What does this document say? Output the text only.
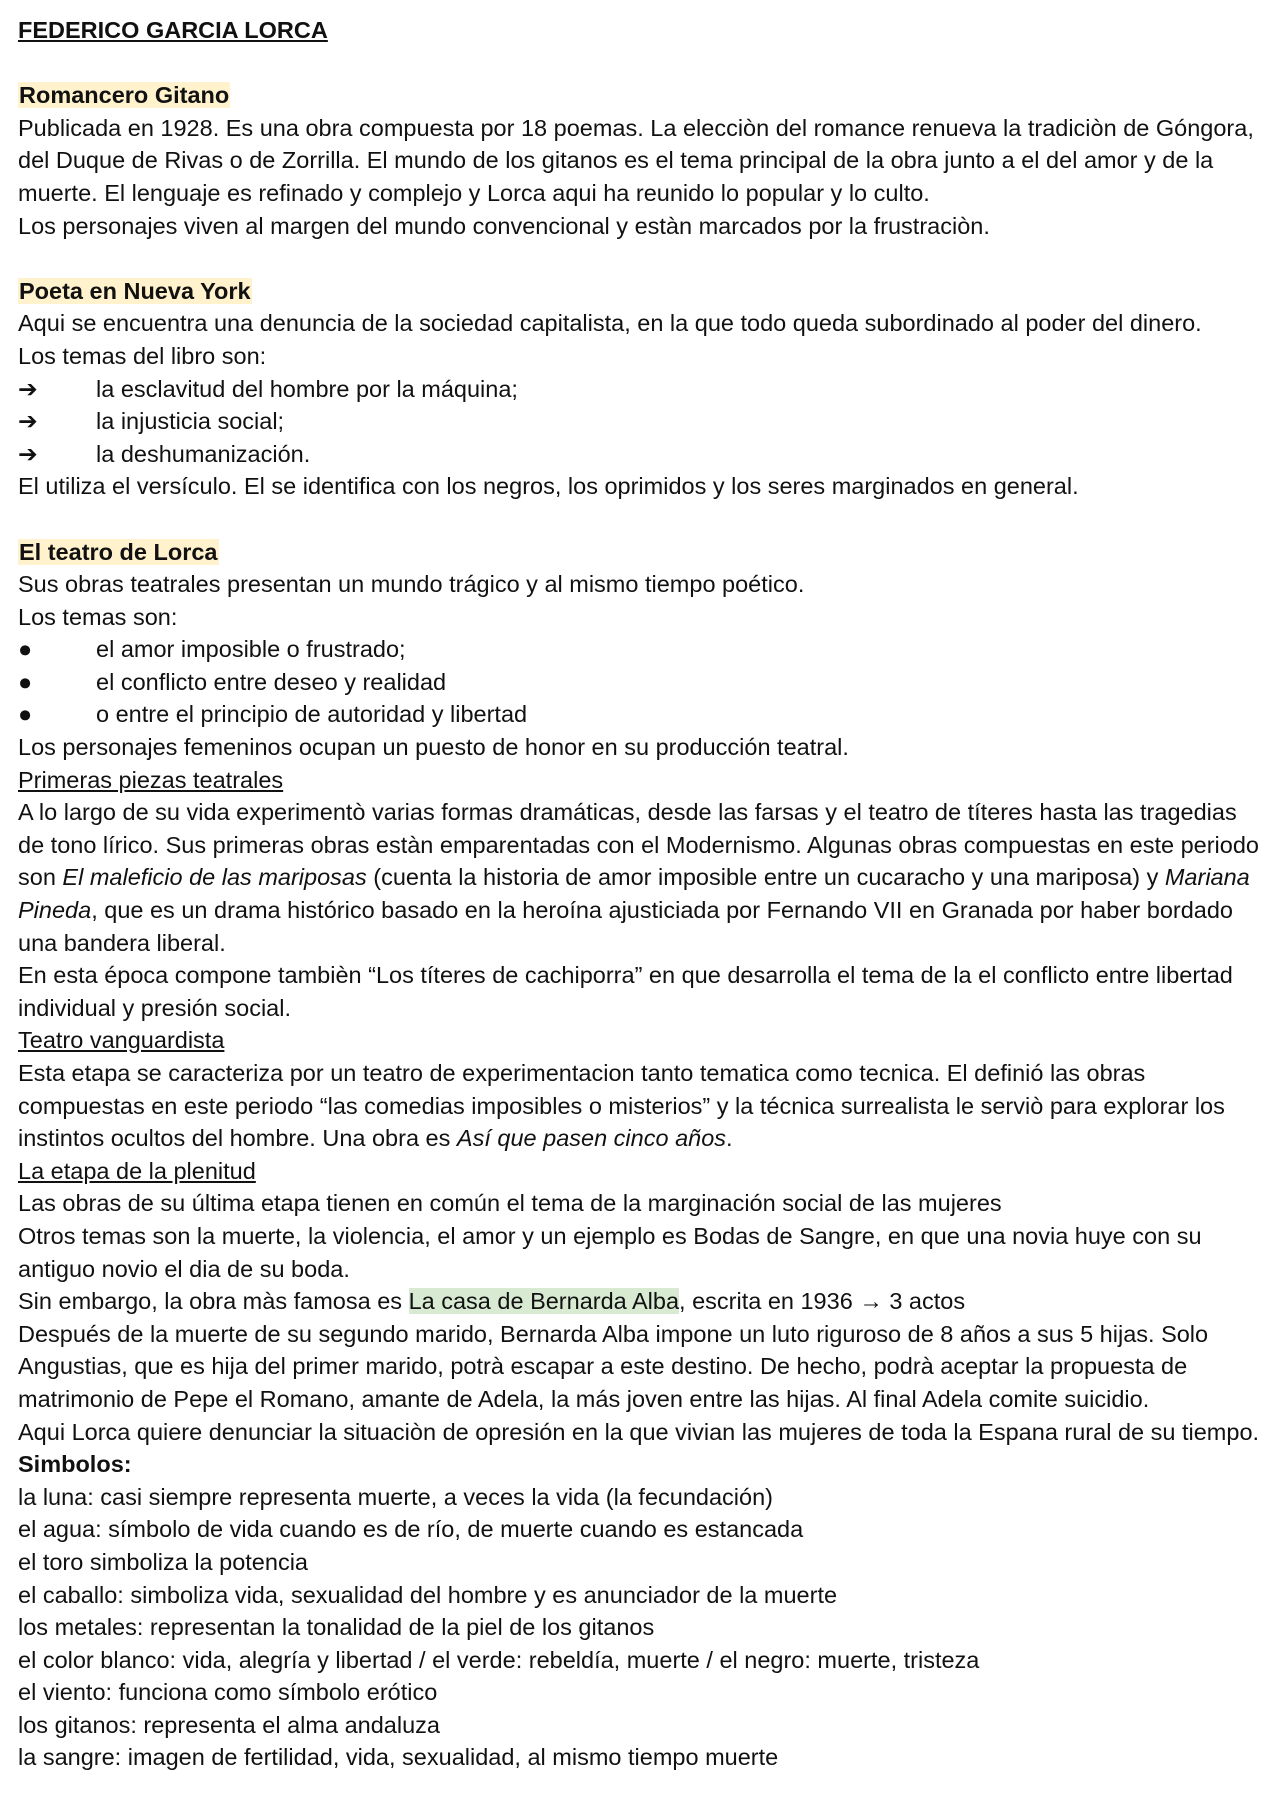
FEDERICO GARCIA LORCA
Romancero Gitano
Publicada en 1928. Es una obra compuesta por 18 poemas. La elecciòn del romance renueva la tradiciòn de Góngora, del Duque de Rivas o de Zorrilla. El mundo de los gitanos es el tema principal de la obra junto a el del amor y de la muerte. El lenguaje es refinado y complejo y Lorca aqui ha reunido lo popular y lo culto.
Los personajes viven al margen del mundo convencional y estàn marcados por la frustraciòn.
Poeta en Nueva York
Aqui se encuentra una denuncia de la sociedad capitalista, en la que todo queda subordinado al poder del dinero.
Los temas del libro son:
➔	la esclavitud del hombre por la máquina;
➔	la injusticia social;
➔	la deshumanización.
El utiliza el versículo. El se identifica con los negros, los oprimidos y los seres marginados en general.
El teatro de Lorca
Sus obras teatrales presentan un mundo trágico y al mismo tiempo poético.
Los temas son:
●	el amor imposible o frustrado;
●	el conflicto entre deseo y realidad
●	o entre el principio de autoridad y libertad
Los personajes femeninos ocupan un puesto de honor en su producción teatral.
Primeras piezas teatrales
A lo largo de su vida experimentò varias formas dramáticas, desde las farsas y el teatro de títeres hasta las tragedias de tono lírico. Sus primeras obras estàn emparentadas con el Modernismo. Algunas obras compuestas en este periodo son El maleficio de las mariposas (cuenta la historia de amor imposible entre un cucaracho y una mariposa) y Mariana Pineda, que es un drama histórico basado en la heroína ajusticiada por Fernando VII en Granada por haber bordado una bandera liberal.
En esta época compone tambièn “Los títeres de cachiporra” en que desarrolla el tema de la el conflicto entre libertad individual y presión social.
Teatro vanguardista
Esta etapa se caracteriza por un teatro de experimentacion tanto tematica como tecnica. El definió las obras compuestas en este periodo “las comedias imposibles o misterios” y la técnica surrealista le serviò para explorar los instintos ocultos del hombre. Una obra es Así que pasen cinco años.
La etapa de la plenitud
Las obras de su última etapa tienen en común el tema de la marginación social de las mujeres
Otros temas son la muerte, la violencia, el amor y un ejemplo es Bodas de Sangre, en que una novia huye con su antiguo novio el dia de su boda.
Sin embargo, la obra màs famosa es La casa de Bernarda Alba, escrita en 1936 → 3 actos
Después de la muerte de su segundo marido, Bernarda Alba impone un luto riguroso de 8 años a sus 5 hijas. Solo Angustias, que es hija del primer marido, potrà escapar a este destino. De hecho, podrà aceptar la propuesta de matrimonio de Pepe el Romano, amante de Adela, la más joven entre las hijas. Al final Adela comite suicidio.
Aqui Lorca quiere denunciar la situaciòn de opresión en la que vivian las mujeres de toda la Espana rural de su tiempo.
Simbolos:
la luna: casi siempre representa muerte, a veces la vida (la fecundación)
el agua: símbolo de vida cuando es de río, de muerte cuando es estancada
el toro simboliza la potencia
el caballo: simboliza vida, sexualidad del hombre y es anunciador de la muerte
los metales: representan la tonalidad de la piel de los gitanos
el color blanco: vida, alegría y libertad / el verde: rebeldía, muerte / el negro: muerte, tristeza
el viento: funciona como símbolo erótico
los gitanos: representa el alma andaluza
la sangre: imagen de fertilidad, vida, sexualidad, al mismo tiempo muerte
